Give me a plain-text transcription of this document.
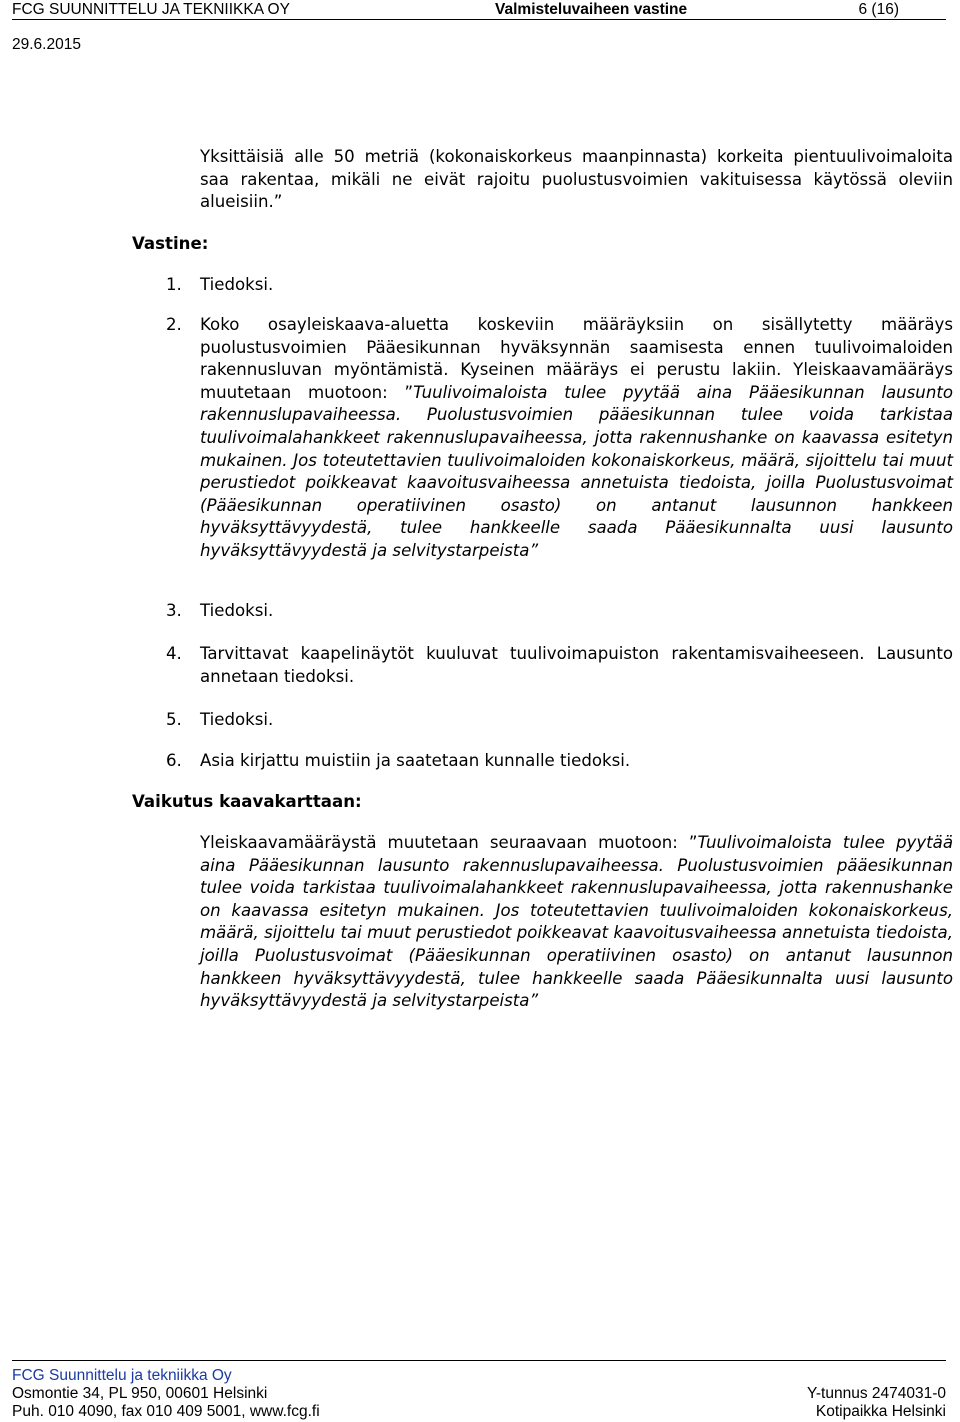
FCG SUUNNITTELU JA TEKNIIKKA OY	Valmisteluvaiheen vastine	6 (16)
29.6.2015
Yksittäisiä alle 50 metriä (kokonaiskorkeus maanpinnasta) korkeita pientuulivoimaloita saa rakentaa, mikäli ne eivät rajoitu puolustusvoimien vakituisessa käytössä oleviin alueisiin.”
Vastine:
1. Tiedoksi.
2. Koko osayleiskaava-aluetta koskeviin määräyksiin on sisällytetty määräys puolustusvoimien Pääesikunnan hyväksynnän saamisesta ennen tuulivoimaloiden rakennusluvan myöntämistä. Kyseinen määräys ei perustu lakiin. Yleiskaavamääräys muutetaan muotoon: ”Tuulivoimaloista tulee pyytää aina Pääesikunnan lausunto rakennuslupavaiheessa. Puolustusvoimien pääesikunnan tulee voida tarkistaa tuulivoimalahankkeet rakennuslupavaiheessa, jotta rakennushanke on kaavassa esitetyn mukainen. Jos toteutettavien tuulivoimaloiden kokonaiskorkeus, määrä, sijoittelu tai muut perustiedot poikkeavat kaavoitusvaiheessa annetuista tiedoista, joilla Puolustusvoimat (Pääesikunnan operatiivinen osasto) on antanut lausunnon hankkeen hyväksyttävyydestä, tulee hankkeelle saada Pääesikunnalta uusi lausunto hyväksyttävyydestä ja selvitystarpeista”
3. Tiedoksi.
4. Tarvittavat kaapelinäytöt kuuluvat tuulivoimapuiston rakentamisvaiheeseen. Lausunto annetaan tiedoksi.
5. Tiedoksi.
6. Asia kirjattu muistiin ja saatetaan kunnalle tiedoksi.
Vaikutus kaavakarttaan:
Yleiskaavamääräystä muutetaan seuraavaan muotoon: ”Tuulivoimaloista tulee pyytää aina Pääesikunnan lausunto rakennuslupavaiheessa. Puolustusvoimien pääesikunnan tulee voida tarkistaa tuulivoimalahankkeet rakennuslupavaiheessa, jotta rakennushanke on kaavassa esitetyn mukainen. Jos toteutettavien tuulivoimaloiden kokonaiskorkeus, määrä, sijoittelu tai muut perustiedot poikkeavat kaavoitusvaiheessa annetuista tiedoista, joilla Puolustusvoimat (Pääesikunnan operatiivinen osasto) on antanut lausunnon hankkeen hyväksyttävyydestä, tulee hankkeelle saada Pääesikunnalta uusi lausunto hyväksyttävyydestä ja selvitystarpeista”
FCG Suunnittelu ja tekniikka Oy
Osmontie 34, PL 950, 00601 Helsinki
Puh. 010 4090, fax 010 409 5001, www.fcg.fi
Y-tunnus 2474031-0
Kotipaikka Helsinki
